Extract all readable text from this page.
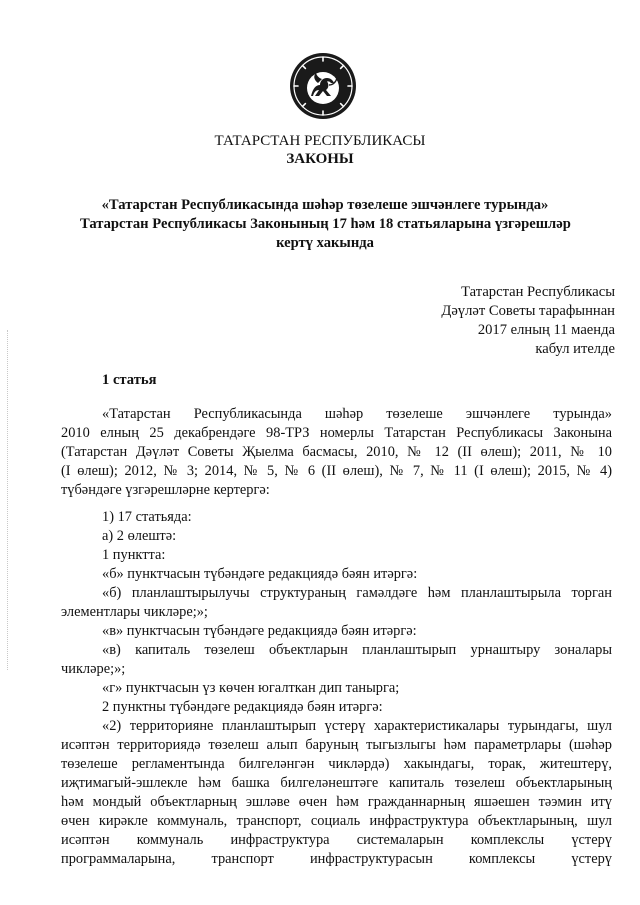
ТАТАРСТАН РЕСПУБЛИКАСЫ
ЗАКОНЫ
«Татарстан Республикасында шәһәр төзелеше эшчәнлеге турында»
Татарстан Республикасы Законының 17 һәм 18 статьяларына үзгәрешләр
кертү хакында
Татарстан Республикасы
Дәүләт Советы тарафыннан
2017 елның 11 маенда
кабул ителде
1 статья
«Татарстан Республикасында шәһәр төзелеше эшчәнлеге турында»
2010 елның 25 декабрендәге 98-ТРЗ номерлы Татарстан Республикасы Законына
(Татарстан Дәүләт Советы Җыелма басмасы, 2010, № 12 (II өлеш); 2011, № 10
(I өлеш); 2012, № 3; 2014, № 5, № 6 (II өлеш), № 7, № 11 (I өлеш); 2015, № 4)
түбәндәге үзгәрешләрне кертергә:
1) 17 статьяда:
а) 2 өлештә:
1 пунктта:
«б» пунктчасын түбәндәге редакциядә бәян итәргә:
«б) планлаштырылучы структураның гамәлдәге һәм планлаштырыла торган
элементлары чикләре;»;
«в» пунктчасын түбәндәге редакциядә бәян итәргә:
«в) капиталь төзелеш объектларын планлаштырып урнаштыру зоналары
чикләре;»;
«г» пунктчасын үз көчен югалткан дип танырга;
2 пунктны түбәндәге редакциядә бәян итәргә:
«2) территорияне планлаштырып үстерү характеристикалары турындагы, шул
исәптән территориядә төзелеш алып баруның тыгызлыгы һәм параметрлары (шәһәр
төзелеше регламентында билгеләнгән чикләрдә) хакындагы, торак, житештерү,
иҗтимагый-эшлекле һәм башка билгеләнештәге капиталь төзелеш объектларының
һәм мондый объектларның эшләве өчен һәм гражданнарның яшәешен тәэмин итү
өчен кирәкле коммуналь, транспорт, социаль инфраструктура объектларының, шул
исәптән коммуналь инфраструктура системаларын комплекслы үстерү
программаларына, транспорт инфраструктурасын комплексы үстерү
